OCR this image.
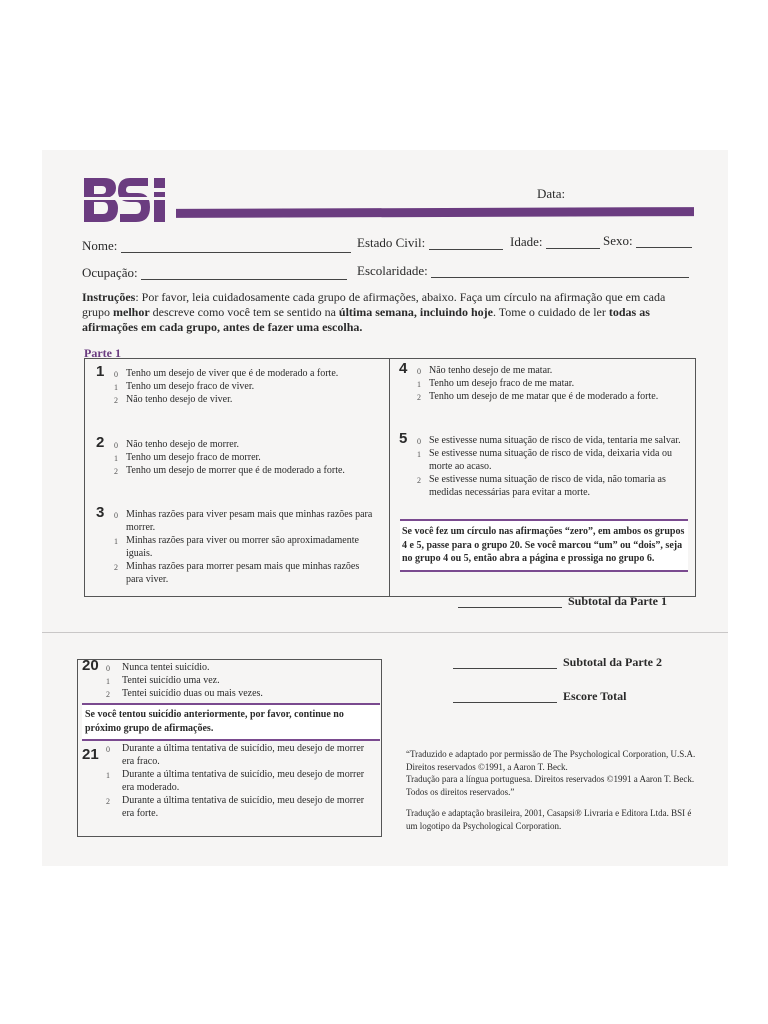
Data:
Nome:	Estado Civil:	Idade:	Sexo:
Ocupação:	Escolaridade:
Instruções: Por favor, leia cuidadosamente cada grupo de afirmações, abaixo. Faça um círculo na afirmação que em cada grupo melhor descreve como você tem se sentido na última semana, incluindo hoje. Tome o cuidado de ler todas as afirmações em cada grupo, antes de fazer uma escolha.
Parte 1
1 0 Tenho um desejo de viver que é de moderado a forte.
1 Tenho um desejo fraco de viver.
2 Não tenho desejo de viver.
2 0 Não tenho desejo de morrer.
1 Tenho um desejo fraco de morrer.
2 Tenho um desejo de morrer que é de moderado a forte.
3 0 Minhas razões para viver pesam mais que minhas razões para morrer.
1 Minhas razões para viver ou morrer são aproximadamente iguais.
2 Minhas razões para morrer pesam mais que minhas razões para viver.
4 0 Não tenho desejo de me matar.
1 Tenho um desejo fraco de me matar.
2 Tenho um desejo de me matar que é de moderado a forte.
5 0 Se estivesse numa situação de risco de vida, tentaria me salvar.
1 Se estivesse numa situação de risco de vida, deixaria vida ou morte ao acaso.
2 Se estivesse numa situação de risco de vida, não tomaria as medidas necessárias para evitar a morte.
Se você fez um círculo nas afirmações “zero”, em ambos os grupos 4 e 5, passe para o grupo 20. Se você marcou “um” ou “dois”, seja no grupo 4 ou 5, então abra a página e prossiga no grupo 6.
Subtotal da Parte 1
20 0 Nunca tentei suicídio.
1 Tentei suicídio uma vez.
2 Tentei suicídio duas ou mais vezes.
Se você tentou suicídio anteriormente, por favor, continue no próximo grupo de afirmações.
21 0 Durante a última tentativa de suicídio, meu desejo de morrer era fraco.
1 Durante a última tentativa de suicídio, meu desejo de morrer era moderado.
2 Durante a última tentativa de suicídio, meu desejo de morrer era forte.
Subtotal da Parte 2
Escore Total
“Traduzido e adaptado por permissão de The Psychological Corporation, U.S.A. Direitos reservados ©1991, a Aaron T. Beck.
Tradução para a língua portuguesa. Direitos reservados ©1991 a Aaron T. Beck. Todos os direitos reservados.”
Tradução e adaptação brasileira, 2001, Casapsi® Livraria e Editora Ltda. BSI é um logotipo da Psychological Corporation.
